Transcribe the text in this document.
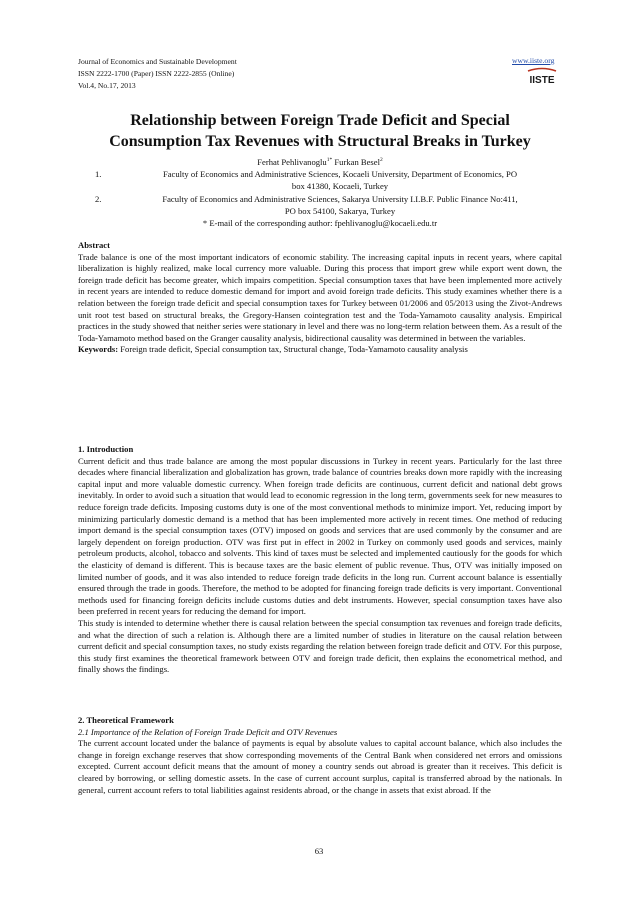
Journal of Economics and Sustainable Development
ISSN 2222-1700 (Paper) ISSN 2222-2855 (Online)
Vol.4, No.17, 2013
www.iiste.org
IISTE
Relationship between Foreign Trade Deficit and Special
Consumption Tax Revenues with Structural Breaks in Turkey
Ferhat Pehlivanoglu$^{1*}$ Furkan Besel$^2$
1.	Faculty of Economics and Administrative Sciences, Kocaeli University, Department of Economics, PO
box 41380, Kocaeli, Turkey
2.	Faculty of Economics and Administrative Sciences, Sakarya University I.I.B.F. Public Finance No:411,
PO box 54100, Sakarya, Turkey
* E-mail of the corresponding author: fpehlivanoglu@kocaeli.edu.tr

Abstract

Trade balance is one of the most important indicators of economic stability. The increasing capital inputs in recent years, where capital liberalization is highly realized, make local currency more valuable. During this process that import grew while export went down, the foreign trade deficit has become greater, which impairs competition. Special consumption taxes that have been implemented more actively in recent years are intended to reduce domestic demand for import and avoid foreign trade deficits. This study examines whether there is a relation between the foreign trade deficit and special consumption taxes for Turkey between 01/2006 and 05/2013 using the Zivot-Andrews unit root test based on structural breaks, the Gregory-Hansen cointegration test and the Toda-Yamamoto causality analysis. Empirical practices in the study showed that neither series were stationary in level and there was no long-term relation between them. As a result of the Toda-Yamamoto method based on the Granger causality analysis, bidirectional causality was determined in between the variables.

Keywords: Foreign trade deficit, Special consumption tax, Structural change, Toda-Yamamoto causality analysis

1. Introduction

Current deficit and thus trade balance are among the most popular discussions in Turkey in recent years. Particularly for the last three decades where financial liberalization and globalization has grown, trade balance of countries breaks down more rapidly with the increasing capital input and more valuable domestic currency. When foreign trade deficits are continuous, current deficit and national debt grows inevitably. In order to avoid such a situation that would lead to economic regression in the long term, governments seek for new measures to reduce foreign trade deficits. Imposing customs duty is one of the most conventional methods to minimize import. Yet, reducing import by minimizing particularly domestic demand is a method that has been implemented more actively in recent times. One method of reducing import demand is the special consumption taxes (OTV) imposed on goods and services that are used commonly by the consumer and are largely dependent on foreign production. OTV was first put in effect in 2002 in Turkey on commonly used goods and services, mainly petroleum products, alcohol, tobacco and solvents. This kind of taxes must be selected and implemented cautiously for the goods for which the elasticity of demand is different. This is because taxes are the basic element of public revenue. Thus, OTV was initially imposed on limited number of goods, and it was also intended to reduce foreign trade deficits in the long run. Current account balance is essentially ensured through the trade in goods. Therefore, the method to be adopted for financing foreign trade deficits is very important. Conventional methods used for financing foreign deficits include customs duties and debt instruments. However, special consumption taxes have also been preferred in recent years for reducing the demand for import.

This study is intended to determine whether there is causal relation between the special consumption tax revenues and foreign trade deficits, and what the direction of such a relation is. Although there are a limited number of studies in literature on the causal relation between current deficit and special consumption taxes, no study exists regarding the relation between foreign trade deficit and OTV. For this purpose, this study first examines the theoretical framework between OTV and foreign trade deficit, then explains the econometrical method, and finally shows the findings.

2. Theoretical Framework

2.1 Importance of the Relation of Foreign Trade Deficit and OTV Revenues

The current account located under the balance of payments is equal by absolute values to capital account balance, which also includes the change in foreign exchange reserves that show corresponding movements of the Central Bank when considered net errors and omissions excepted. Current account deficit means that the amount of money a country sends out abroad is greater than it receives. This deficit is cleared by borrowing, or selling domestic assets. In the case of current account surplus, capital is transferred abroad by the nationals. In general, current account refers to total liabilities against residents abroad, or the change in assets that exist abroad. If the

63
